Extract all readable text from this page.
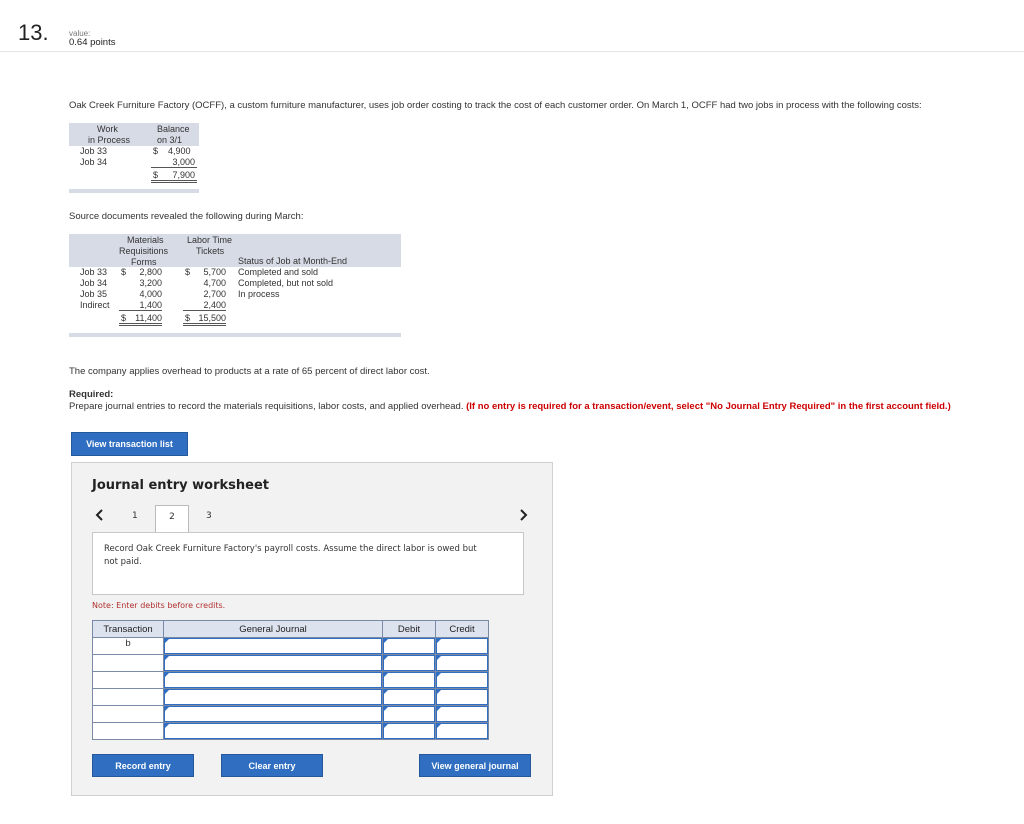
13.	value:
0.64 points
Oak Creek Furniture Factory (OCFF), a custom furniture manufacturer, uses job order costing to track the cost of each customer order. On March 1, OCFF had two jobs in process with the following costs:
Work
in Process
Balance
on 3/1
Job 33	$ 4,900
Job 34	3,000
$	7,900
Source documents revealed the following during March:
Materials
Requisitions
Forms
Labor Time
Tickets
Status of Job at Month-End
Job 33 $	2,800	$	5,700 Completed and sold
Job 34	3,200	4,700 Completed, but not sold
Job 35	4,000	2,700 In process
Indirect	1,400	2,400
$	11,400	$ 15,500
The company applies overhead to products at a rate of 65 percent of direct labor cost.
Required:
Prepare journal entries to record the materials requisitions, labor costs, and applied overhead. (If no entry is required for a transaction/event, select "No Journal Entry Required" in the first account field.)
View transaction list
Journal entry worksheet
1	2	3
Record Oak Creek Furniture Factory's payroll costs. Assume the direct labor is owed but not paid.
Note: Enter debits before credits.
Transaction	General Journal	Debit	Credit
b	

Record entry	Clear entry	View general journal
